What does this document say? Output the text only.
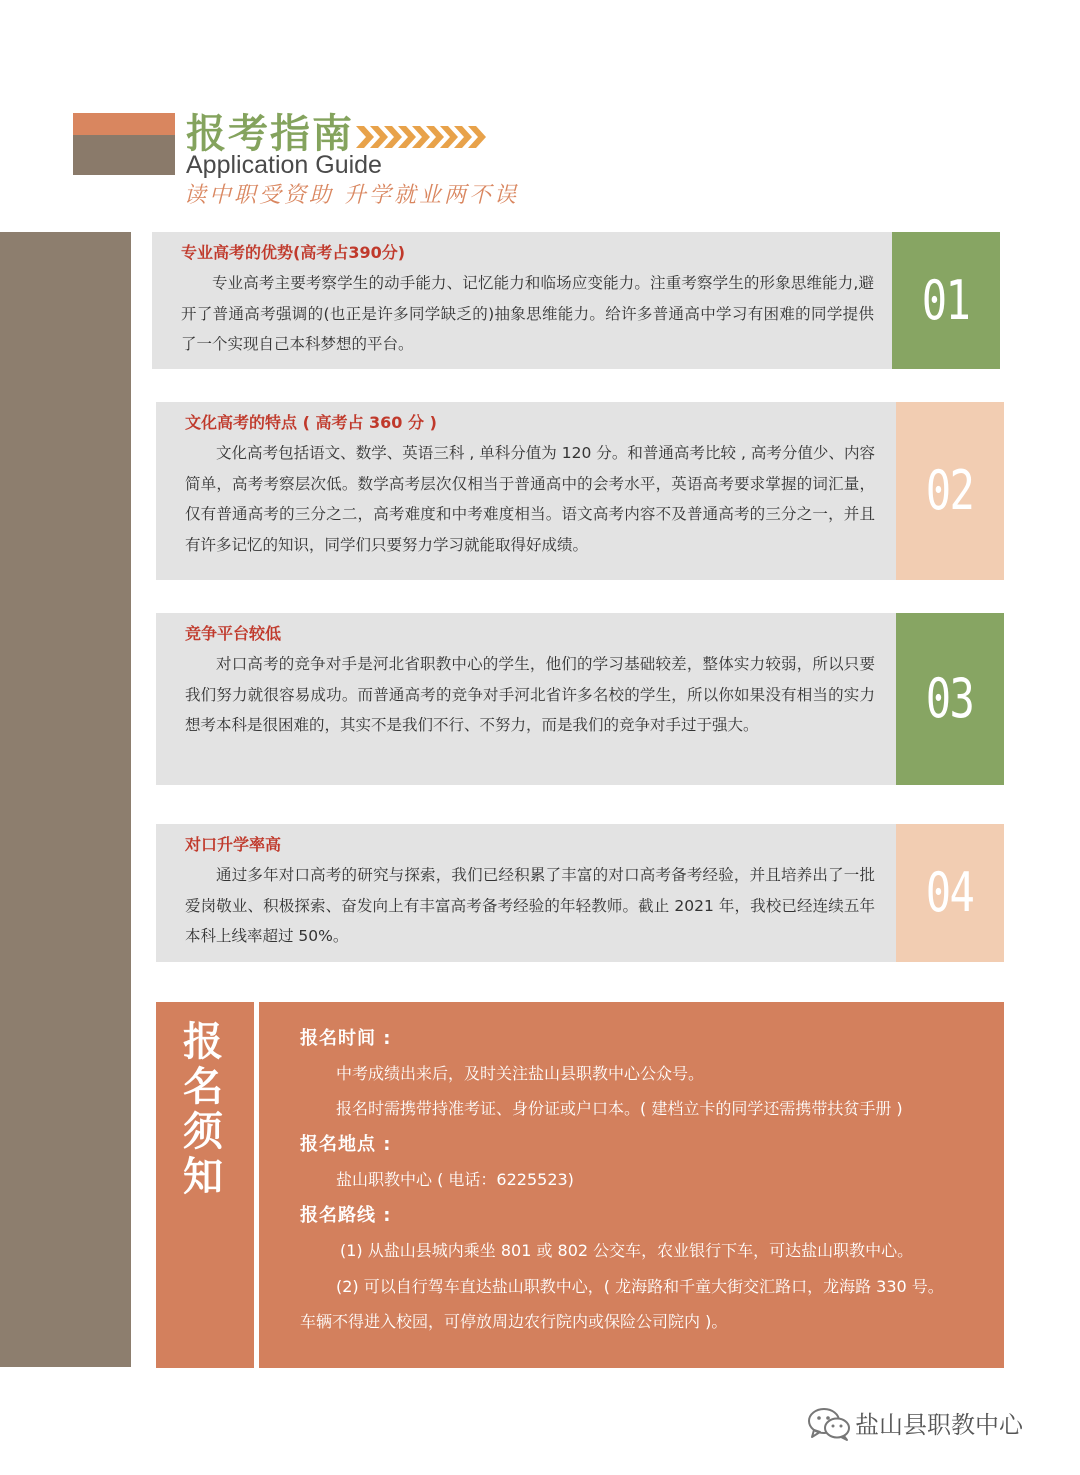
报考指南
Application Guide
读中职受资助 升学就业两不误
专业高考的优势(高考占390分)
专业高考主要考察学生的动手能力、记忆能力和临场应变能力。注重考察学生的形象思维能力,避开了普通高考强调的(也正是许多同学缺乏的)抽象思维能力。给许多普通高中学习有困难的同学提供了一个实现自己本科梦想的平台。
01
文化高考的特点 ( 高考占 360 分 )
文化高考包括语文、数学、英语三科 , 单科分值为 120 分。和普通高考比较 , 高考分值少、内容简单，高考考察层次低。数学高考层次仅相当于普通高中的会考水平，英语高考要求掌握的词汇量，仅有普通高考的三分之二，高考难度和中考难度相当。语文高考内容不及普通高考的三分之一，并且有许多记忆的知识，同学们只要努力学习就能取得好成绩。
02
竞争平台较低
对口高考的竞争对手是河北省职教中心的学生，他们的学习基础较差，整体实力较弱，所以只要我们努力就很容易成功。而普通高考的竞争对手河北省许多名校的学生，所以你如果没有相当的实力想考本科是很困难的，其实不是我们不行、不努力，而是我们的竞争对手过于强大。	03
对口升学率高
通过多年对口高考的研究与探索，我们已经积累了丰富的对口高考备考经验，并且培养出了一批爱岗敬业、积极探索、奋发向上有丰富高考备考经验的年轻教师。截止 2021 年，我校已经连续五年本科上线率超过 50%。
04
报名须知
报名时间 :
中考成绩出来后，及时关注盐山县职教中心公众号。
报名时需携带持准考证、身份证或户口本。( 建档立卡的同学还需携带扶贫手册 )
报名地点 :
盐山职教中心 ( 电话：6225523)
报名路线 :
(1) 从盐山县城内乘坐 801 或 802 公交车，农业银行下车，可达盐山职教中心。
(2) 可以自行驾车直达盐山职教中心，( 龙海路和千童大街交汇路口，龙海路 330 号。
车辆不得进入校园，可停放周边农行院内或保险公司院内 )。
盐山县职教中心
